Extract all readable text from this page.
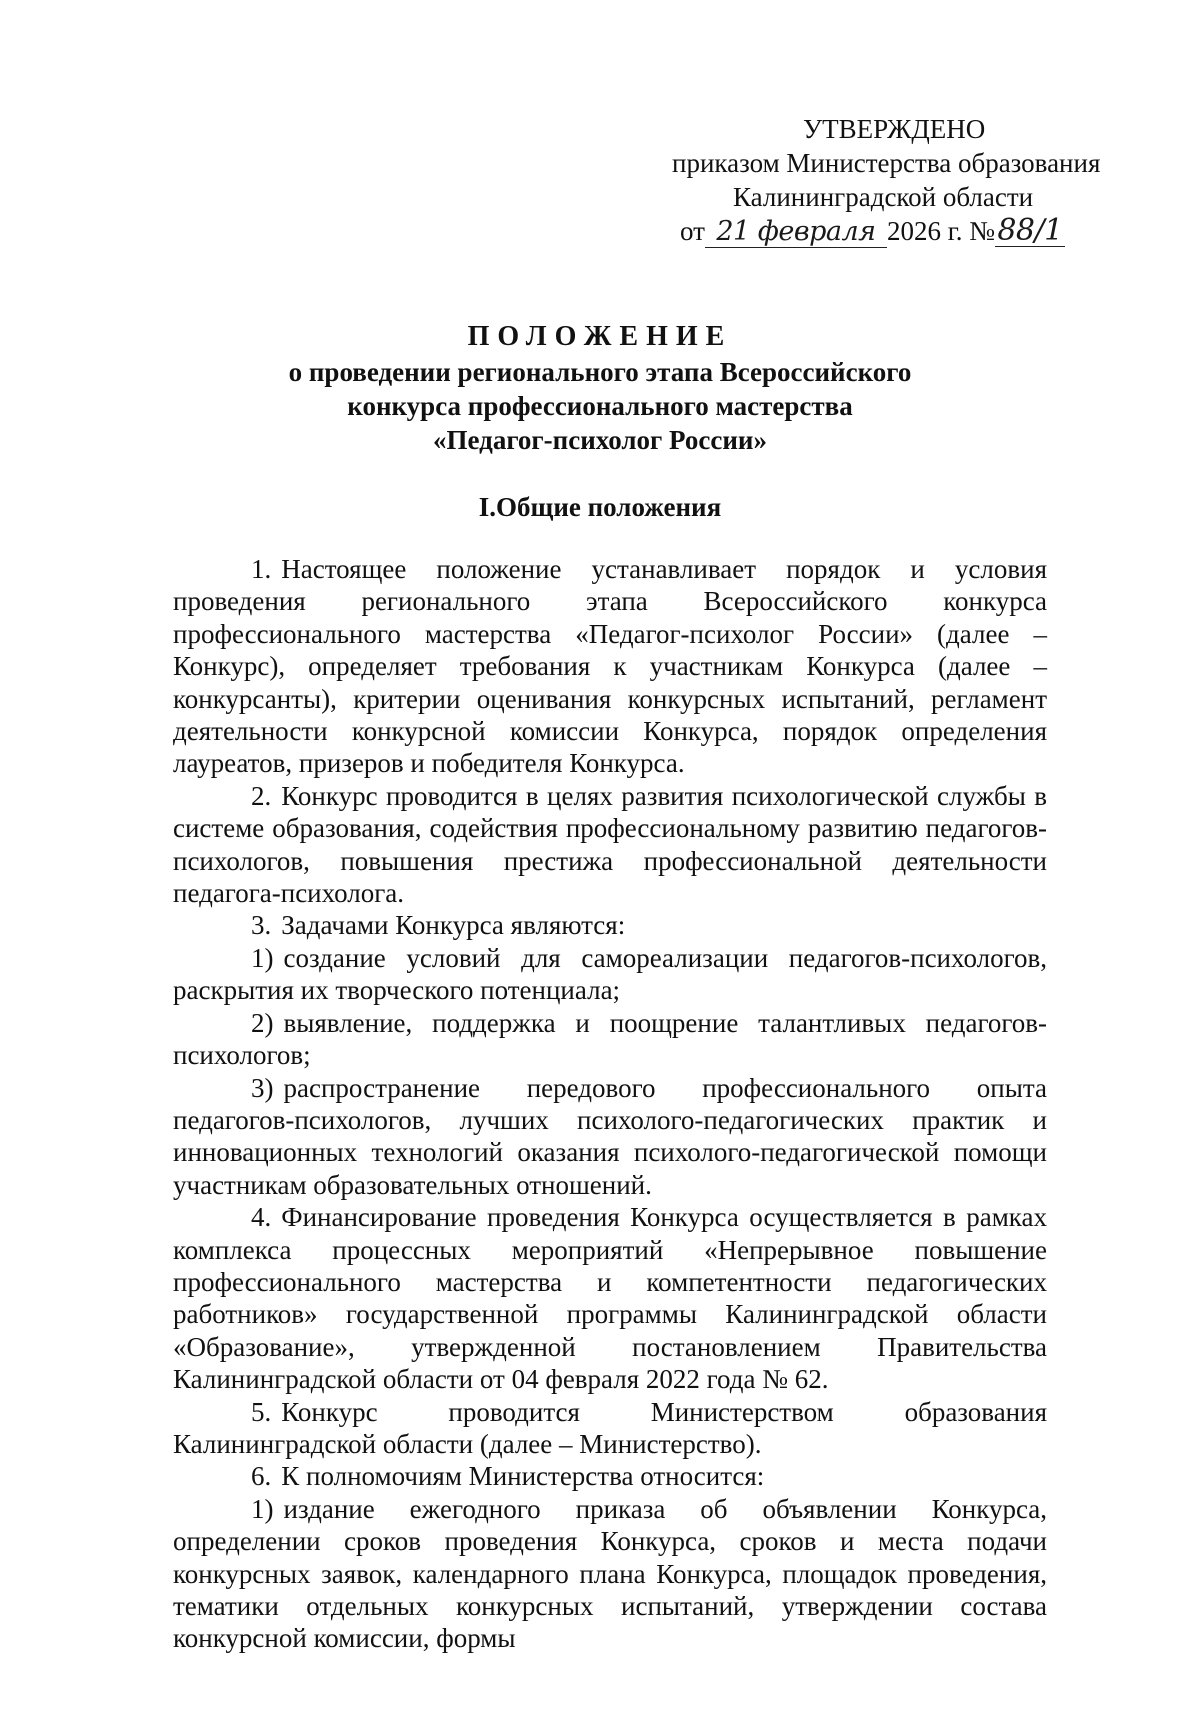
УТВЕРЖДЕНО
приказом Министерства образования
Калининградской области
от 21 февраля 2026 г. №88/1
ПОЛОЖЕНИЕ
о проведении регионального этапа Всероссийского
конкурса профессионального мастерства
«Педагог-психолог России»
I.Общие положения

1. Настоящее положение устанавливает порядок и условия проведения регионального этапа Всероссийского конкурса профессионального мастерства «Педагог-психолог России» (далее – Конкурс), определяет требования к участникам Конкурса (далее – конкурсанты), критерии оценивания конкурсных испытаний, регламент деятельности конкурсной комиссии Конкурса, порядок определения лауреатов, призеров и победителя Конкурса.

2. Конкурс проводится в целях развития психологической службы в системе образования, содействия профессиональному развитию педагогов-психологов, повышения престижа профессиональной деятельности педагога-психолога.

3. Задачами Конкурса являются:

1) создание условий для самореализации педагогов-психологов, раскрытия их творческого потенциала;

2) выявление, поддержка и поощрение талантливых педагогов-психологов;

3) распространение передового профессионального опыта педагогов-психологов, лучших психолого-педагогических практик и инновационных технологий оказания психолого-педагогической помощи участникам образовательных отношений.

4. Финансирование проведения Конкурса осуществляется в рамках комплекса процессных мероприятий «Непрерывное повышение профессионального мастерства и компетентности педагогических работников» государственной программы Калининградской области «Образование», утвержденной постановлением Правительства Калининградской области от 04 февраля 2022 года № 62.

5. Конкурс проводится Министерством образования Калининградской области (далее – Министерство).

6. К полномочиям Министерства относится:

1) издание ежегодного приказа об объявлении Конкурса, определении сроков проведения Конкурса, сроков и места подачи конкурсных заявок, календарного плана Конкурса, площадок проведения, тематики отдельных конкурсных испытаний, утверждении состава конкурсной комиссии, формы
